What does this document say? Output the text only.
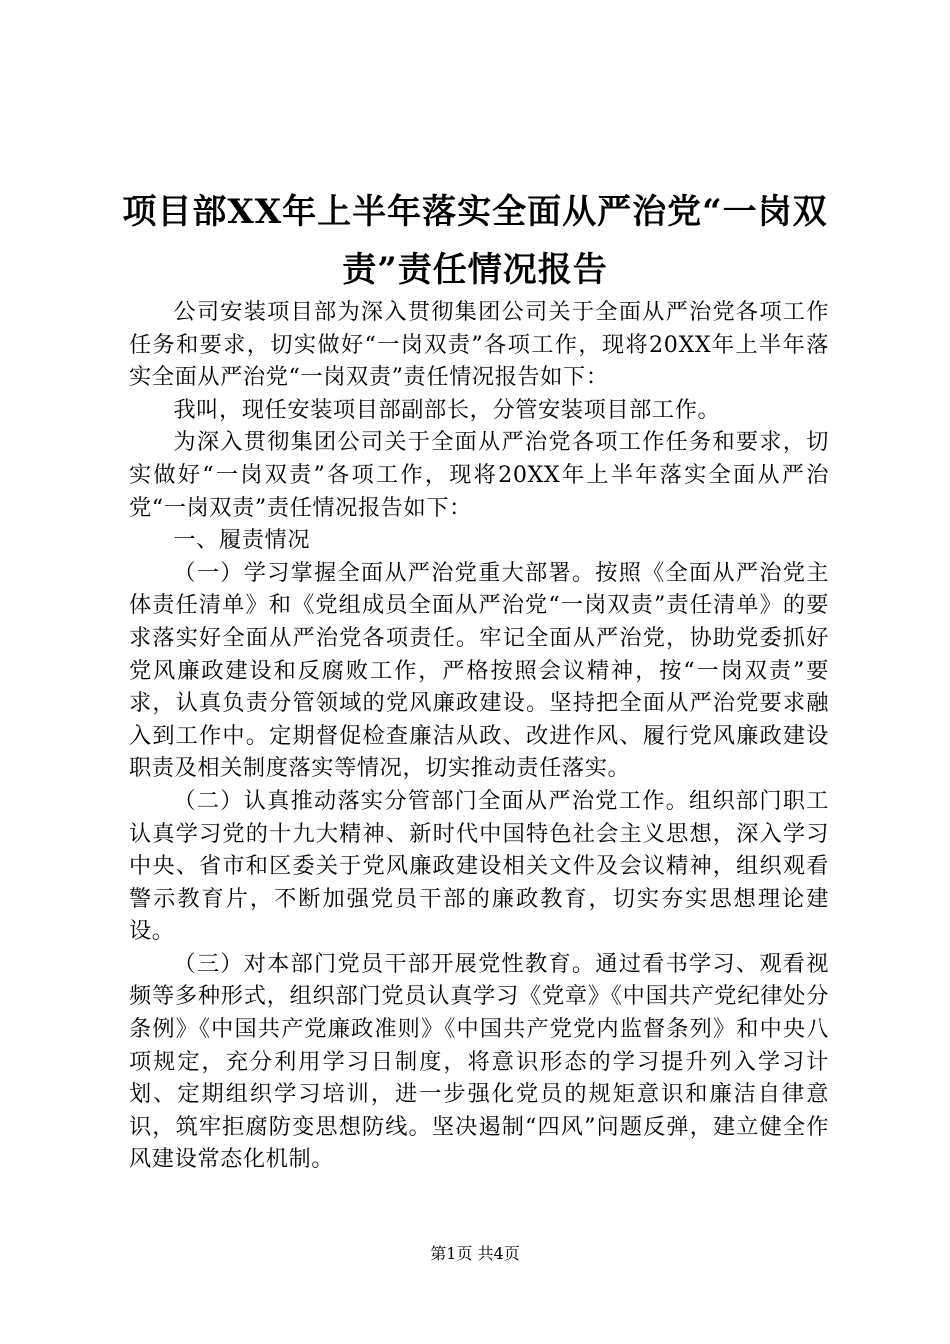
项目部XX年上半年落实全面从严治党“一岗双责”责任情况报告

公司安装项目部为深入贯彻集团公司关于全面从严治党各项工作任务和要求，切实做好“一岗双责”各项工作，现将20XX年上半年落实全面从严治党“一岗双责”责任情况报告如下：

我叫，现任安装项目部副部长，分管安装项目部工作。

为深入贯彻集团公司关于全面从严治党各项工作任务和要求，切实做好“一岗双责”各项工作，现将20XX年上半年落实全面从严治党“一岗双责”责任情况报告如下：

一、履责情况

（一）学习掌握全面从严治党重大部署。按照《全面从严治党主体责任清单》和《党组成员全面从严治党“一岗双责”责任清单》的要求落实好全面从严治党各项责任。牢记全面从严治党，协助党委抓好党风廉政建设和反腐败工作，严格按照会议精神，按“一岗双责”要求，认真负责分管领域的党风廉政建设。坚持把全面从严治党要求融入到工作中。定期督促检查廉洁从政、改进作风、履行党风廉政建设职责及相关制度落实等情况，切实推动责任落实。

（二）认真推动落实分管部门全面从严治党工作。组织部门职工认真学习党的十九大精神、新时代中国特色社会主义思想，深入学习中央、省市和区委关于党风廉政建设相关文件及会议精神，组织观看警示教育片，不断加强党员干部的廉政教育，切实夯实思想理论建设。

（三）对本部门党员干部开展党性教育。通过看书学习、观看视频等多种形式，组织部门党员认真学习《党章》《中国共产党纪律处分条例》《中国共产党廉政准则》《中国共产党党内监督条列》和中央八项规定，充分利用学习日制度，将意识形态的学习提升列入学习计划、定期组织学习培训，进一步强化党员的规矩意识和廉洁自律意识，筑牢拒腐防变思想防线。坚决遏制“四风”问题反弹，建立健全作风建设常态化机制。

第1页 共4页
